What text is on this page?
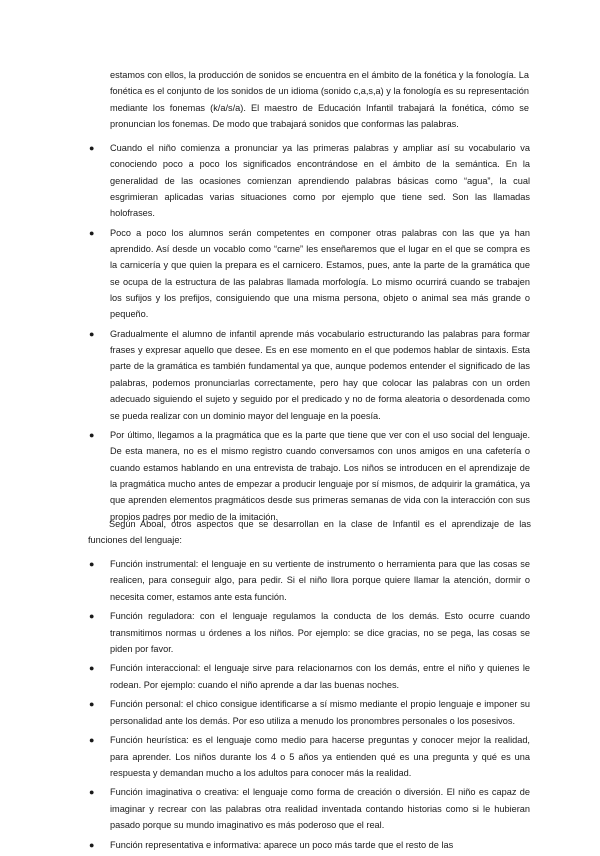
estamos con ellos, la producción de sonidos se encuentra en el ámbito de la fonética y la fonología. La fonética es el conjunto de los sonidos de un idioma (sonido c,a,s,a) y la fonología es su representación mediante los fonemas (k/a/s/a). El maestro de Educación Infantil trabajará la fonética, cómo se pronuncian los fonemas. De modo que trabajará sonidos que conformas las palabras.

● Cuando el niño comienza a pronunciar ya las primeras palabras y ampliar así su vocabulario va conociendo poco a poco los significados encontrándose en el ámbito de la semántica. En la generalidad de las ocasiones comienzan aprendiendo palabras básicas como “agua”, la cual esgrimieran aplicadas varias situaciones como por ejemplo que tiene sed. Son las llamadas holofrases.
● Poco a poco los alumnos serán competentes en componer otras palabras con las que ya han aprendido. Así desde un vocablo como “carne” les enseñaremos que el lugar en el que se compra es la carnicería y que quien la prepara es el carnicero. Estamos, pues, ante la parte de la gramática que se ocupa de la estructura de las palabras llamada morfología. Lo mismo ocurrirá cuando se trabajen los sufijos y los prefijos, consiguiendo que una misma persona, objeto o animal sea más grande o pequeño.
● Gradualmente el alumno de infantil aprende más vocabulario estructurando las palabras para formar frases y expresar aquello que desee. Es en ese momento en el que podemos hablar de sintaxis. Esta parte de la gramática es también fundamental ya que, aunque podemos entender el significado de las palabras, podemos pronunciarlas correctamente, pero hay que colocar las palabras con un orden adecuado siguiendo el sujeto y seguido por el predicado y no de forma aleatoria o desordenada como se pueda realizar con un dominio mayor del lenguaje en la poesía.
● Por último, llegamos a la pragmática que es la parte que tiene que ver con el uso social del lenguaje. De esta manera, no es el mismo registro cuando conversamos con unos amigos en una cafetería o cuando estamos hablando en una entrevista de trabajo. Los niños se introducen en el aprendizaje de la pragmática mucho antes de empezar a producir lenguaje por sí mismos, de adquirir la gramática, ya que aprenden elementos pragmáticos desde sus primeras semanas de vida con la interacción con sus propios padres por medio de la imitación.

Según Aboal, otros aspectos que se desarrollan en la clase de Infantil es el aprendizaje de las funciones del lenguaje:

● Función instrumental: el lenguaje en su vertiente de instrumento o herramienta para que las cosas se realicen, para conseguir algo, para pedir. Si el niño llora porque quiere llamar la atención, dormir o necesita comer, estamos ante esta función.
● Función reguladora: con el lenguaje regulamos la conducta de los demás. Esto ocurre cuando transmitimos normas u órdenes a los niños. Por ejemplo: se dice gracias, no se pega, las cosas se piden por favor.
● Función interaccional: el lenguaje sirve para relacionarnos con los demás, entre el niño y quienes le rodean. Por ejemplo: cuando el niño aprende a dar las buenas noches.
● Función personal: el chico consigue identificarse a sí mismo mediante el propio lenguaje e imponer su personalidad ante los demás. Por eso utiliza a menudo los pronombres personales o los posesivos.
● Función heurística: es el lenguaje como medio para hacerse preguntas y conocer mejor la realidad, para aprender. Los niños durante los 4 o 5 años ya entienden qué es una pregunta y qué es una respuesta y demandan mucho a los adultos para conocer más la realidad.
● Función imaginativa o creativa: el lenguaje como forma de creación o diversión. El niño es capaz de imaginar y recrear con las palabras otra realidad inventada contando historias como si le hubieran pasado porque su mundo imaginativo es más poderoso que el real.
● Función representativa e informativa: aparece un poco más tarde que el resto de las
